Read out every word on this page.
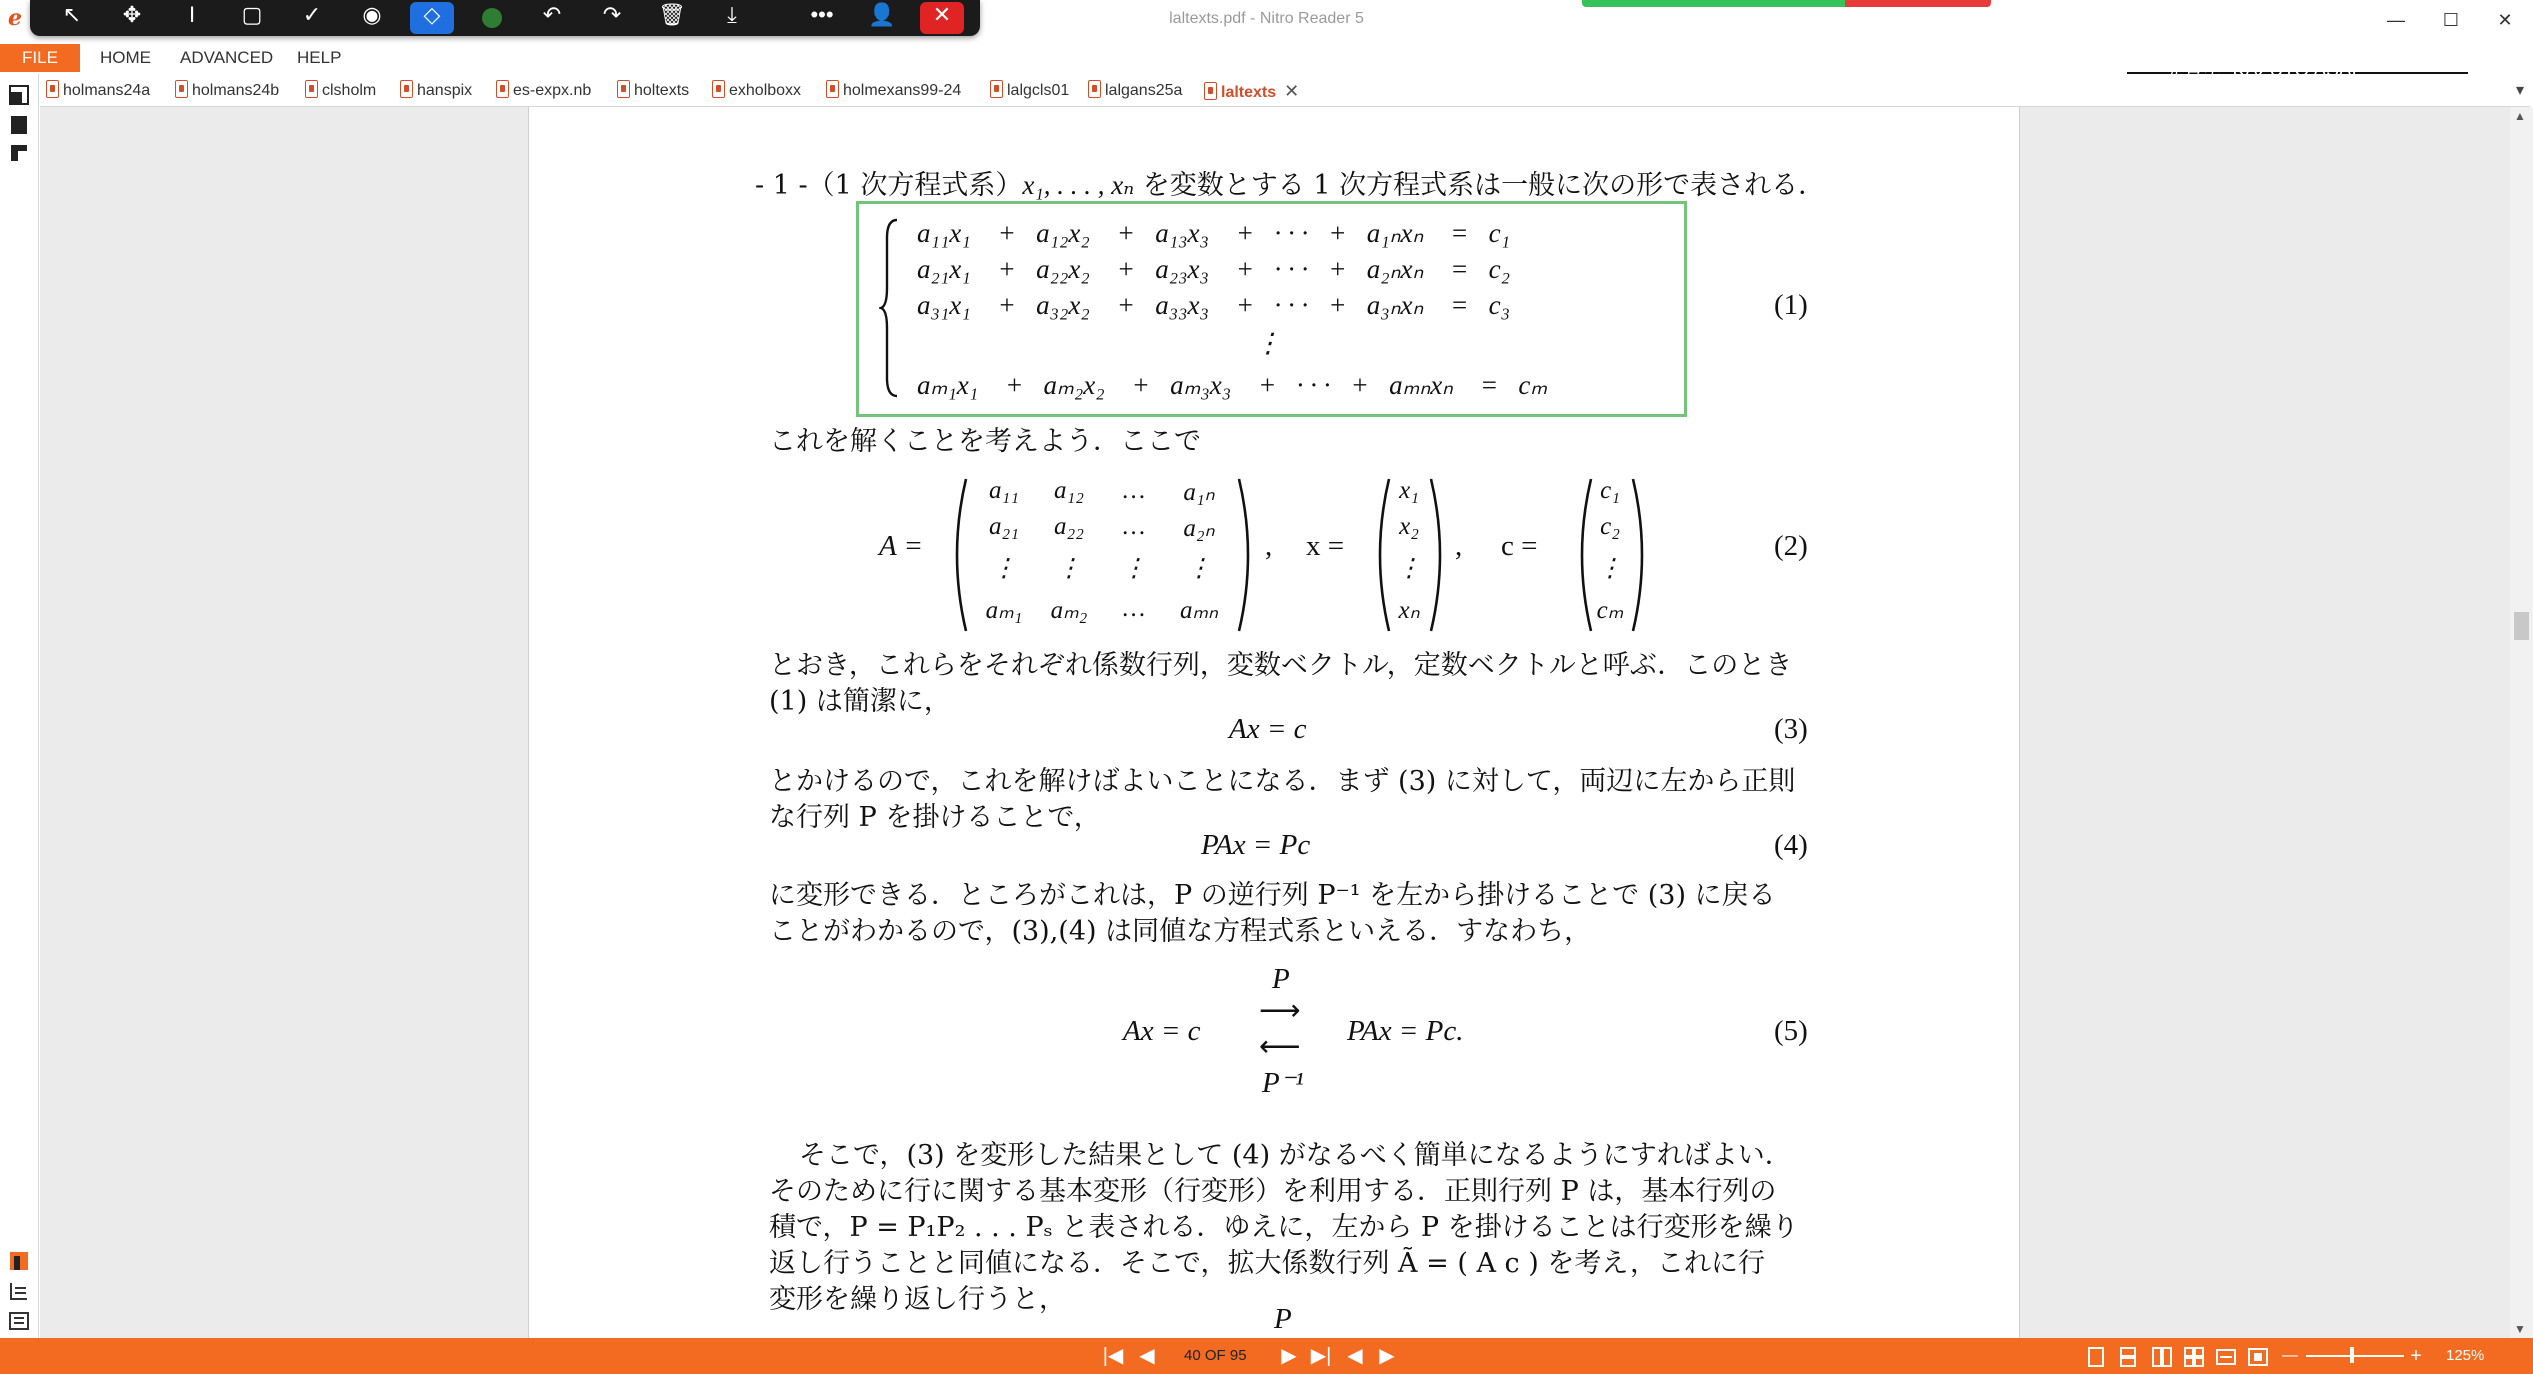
ℯ	↖	✥	I	▢	✓	◉	◇	↶	↷	🗑	⤓	•••	👤	✕	laltexts.pdf - Nitro Reader 5	—	☐	✕
FILE	HOME ADVANCED HELP
holmans24a	holmans24b	clsholm	hanspix	es-expx.nb	holtexts	exholboxx	holmexans99-24	lalgcls01	lalgans25a	laltexts ✕	▾
- 1 -（1 次方程式系）x₁, . . . , xₙ を変数とする 1 次方程式系は一般に次の形で表される．
a₁₁x₁    +   a₁₂x₂    +   a₁₃x₃    +   · · ·   +   a₁ₙxₙ    =   c₁
a₂₁x₁    +   a₂₂x₂    +   a₂₃x₃    +   · · ·   +   a₂ₙxₙ    =   c₂
a₃₁x₁    +   a₃₂x₂    +   a₃₃x₃    +   · · ·   +   a₃ₙxₙ    =   c₃
⋮
aₘ₁x₁    +   aₘ₂x₂    +   aₘ₃x₃    +   · · ·   +   aₘₙxₙ    =   cₘ
(1)
これを解くことを考えよう．ここで
A =
a₁₁	a₁₂	…	a₁ₙ
a₂₁	a₂₂	…	a₂ₙ
⋮	⋮	⋮	⋮
aₘ₁	aₘ₂	…	aₘₙ
, x =
x₁
x₂
⋮
xₙ
, c =
c₁
c₂
⋮
cₘ
(2)
とおき，これらをそれぞれ係数行列，変数ベクトル，定数ベクトルと呼ぶ．このとき
(1) は簡潔に，
Ax = c	(3)
とかけるので，これを解けばよいことになる．まず (3) に対して，両辺に左から正則
な行列 P を掛けることで，
PAx = Pc	(4)
に変形できる．ところがこれは，P の逆行列 P⁻¹ を左から掛けることで (3) に戻る
ことがわかるので，(3),(4) は同値な方程式系といえる．すなわち，
Ax = c
P
⟶
⟵
P⁻¹
PAx = Pc.	(5)
そこで，(3) を変形した結果として (4) がなるべく簡単になるようにすればよい．
そのために行に関する基本変形（行変形）を利用する．正則行列 P は，基本行列の
積で，P = P₁P₂ . . . Pₛ と表される．ゆえに，左から P を掛けることは行変形を繰り
返し行うことと同値になる．そこで，拡大係数行列 Ã = ( A c ) を考え，これに行
変形を繰り返し行うと，
P
▲
▼
|◀ ◀	40 OF 95	▶ ▶| ◀ ▶	—	+ 125%
